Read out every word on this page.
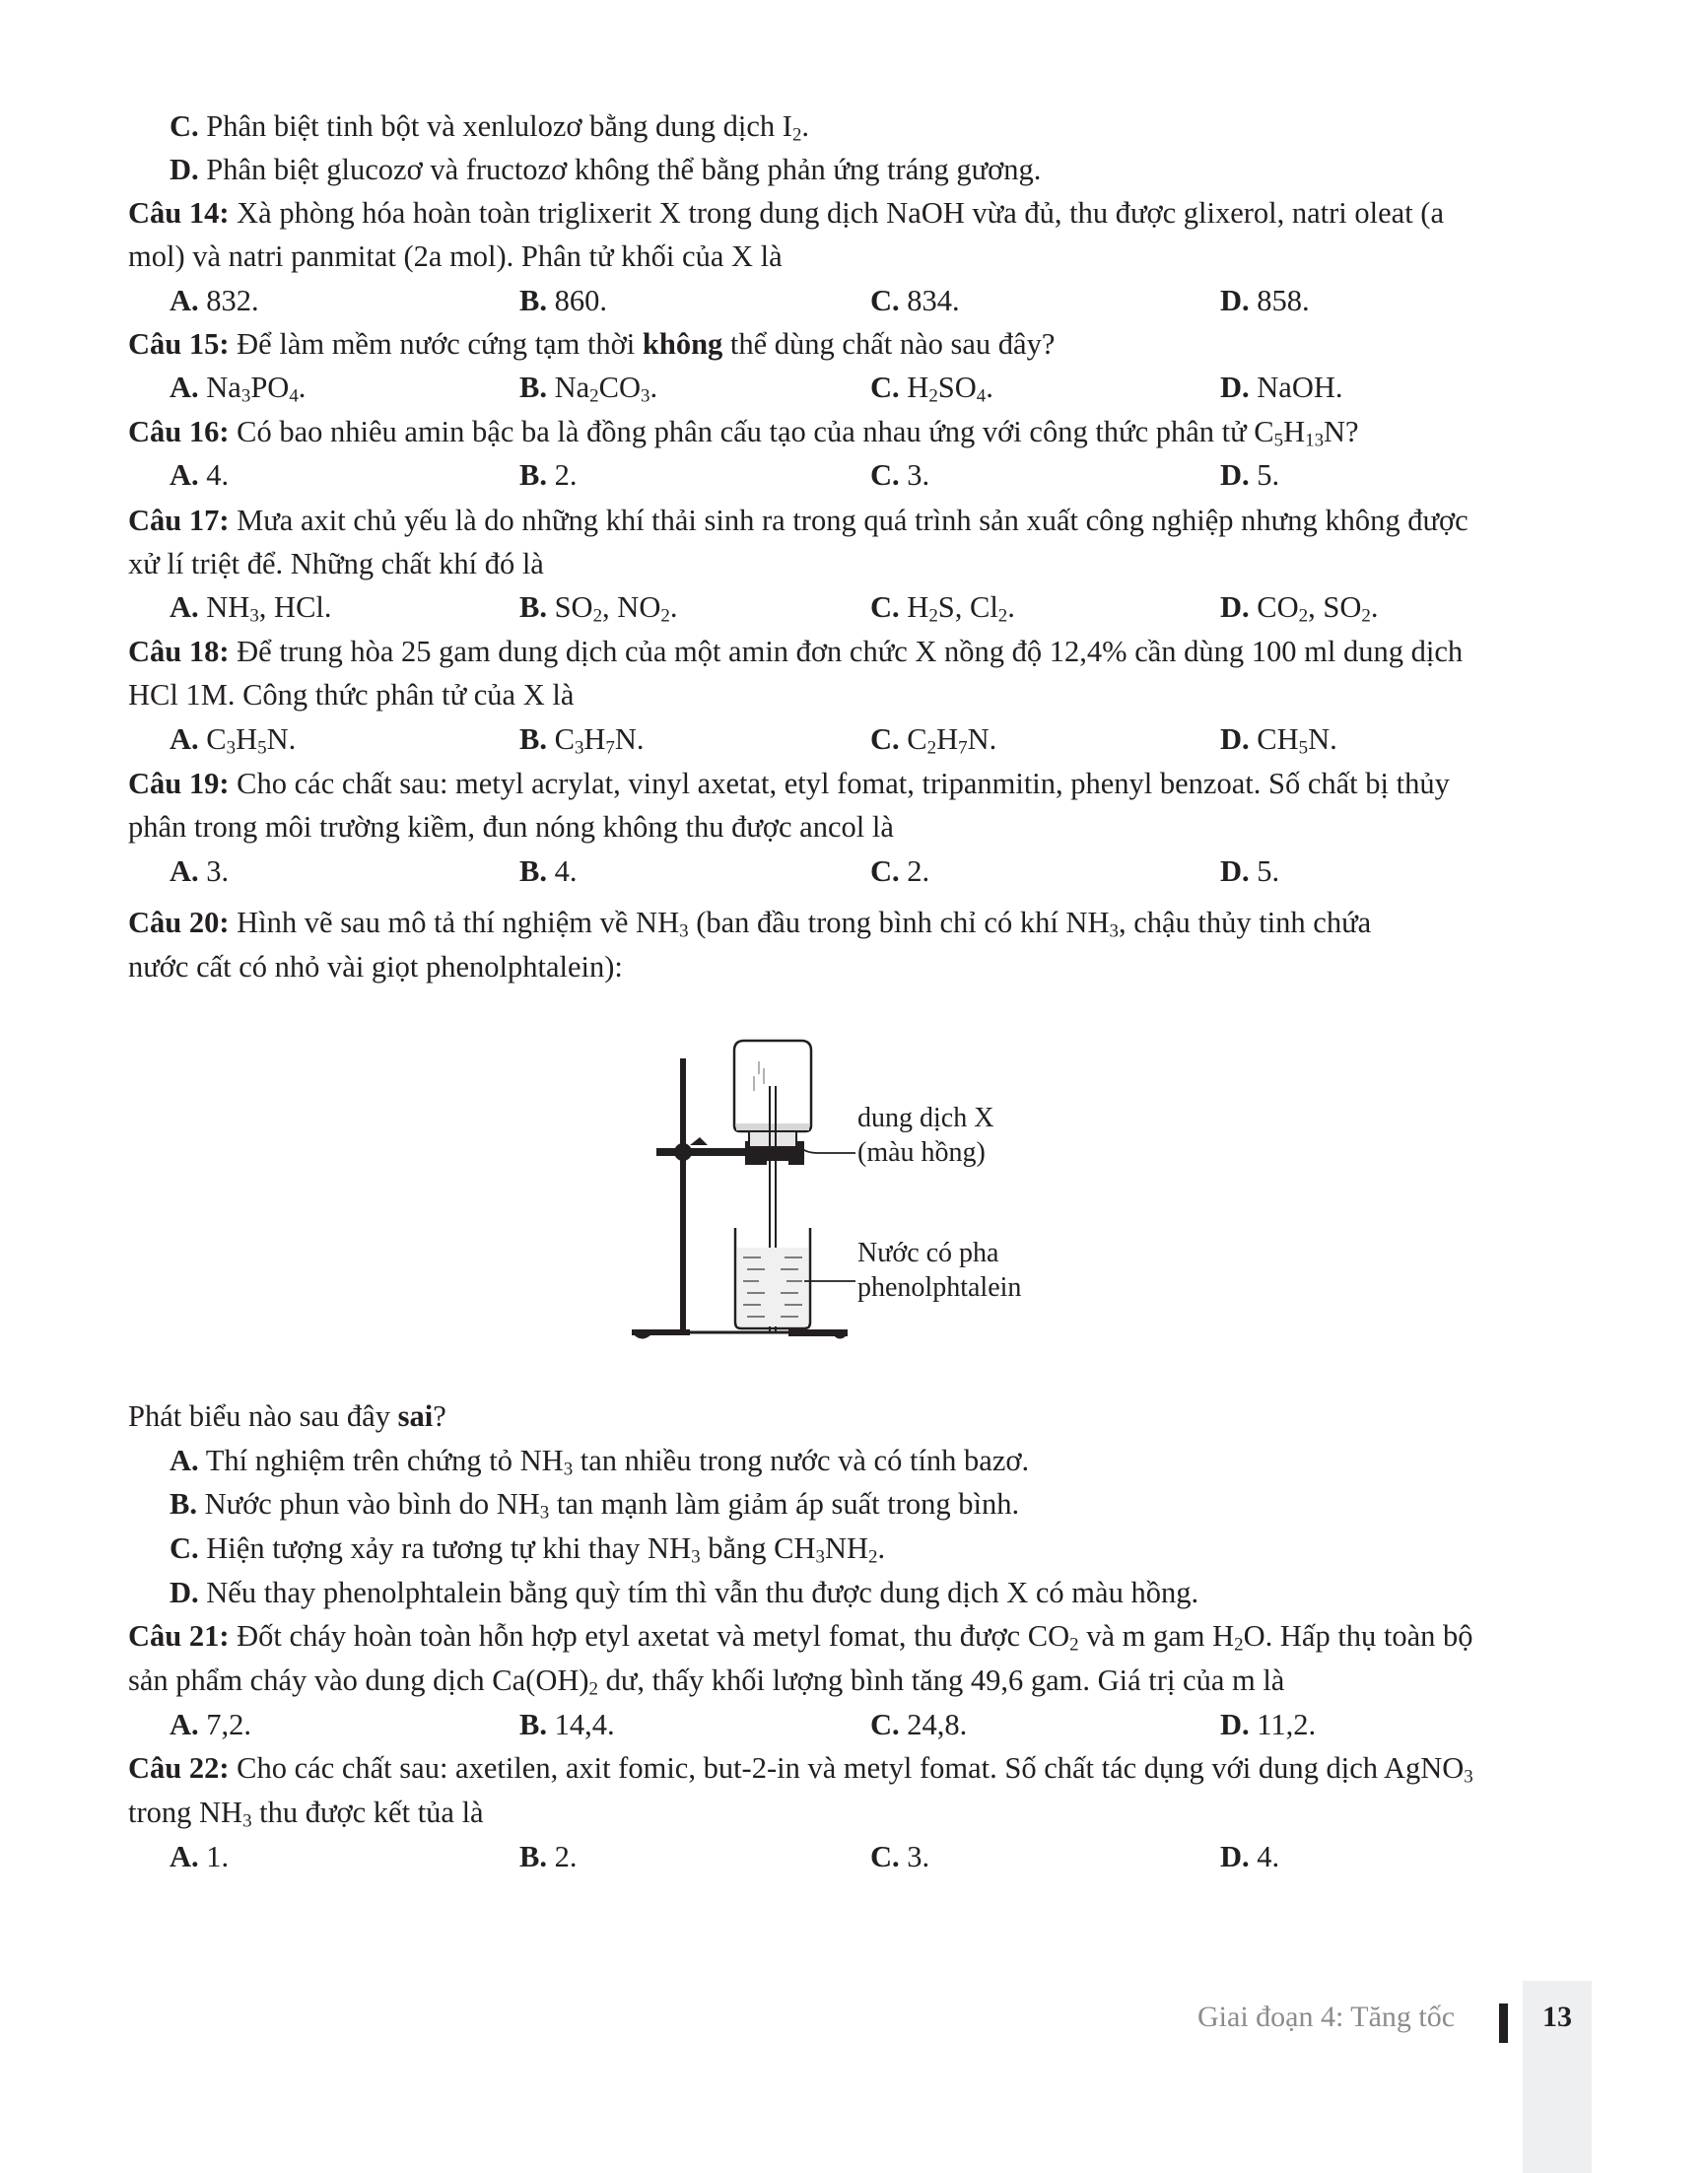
C. Phân biệt tinh bột và xenlulozơ bằng dung dịch $I_2$.
D. Phân biệt glucozơ và fructozơ không thể bằng phản ứng tráng gương.
Câu 14: Xà phòng hóa hoàn toàn triglixerit X trong dung dịch NaOH vừa đủ, thu được glixerol, natri oleat (a
mol) và natri panmitat (2a mol). Phân tử khối của X là
A. 832.	B. 860.	C. 834.	D. 858.
Câu 15: Để làm mềm nước cứng tạm thời không thể dùng chất nào sau đây?
A. $Na_3PO_4$.	B. $Na_2CO_3$.	C. $H_2SO_4$.	D. NaOH.
Câu 16: Có bao nhiêu amin bậc ba là đồng phân cấu tạo của nhau ứng với công thức phân tử $C_5H_{13}N$?
A. 4.	B. 2.	C. 3.	D. 5.
Câu 17: Mưa axit chủ yếu là do những khí thải sinh ra trong quá trình sản xuất công nghiệp nhưng không được
xử lí triệt để. Những chất khí đó là
A. $NH_3$, HCl.	B. $SO_2$, $NO_2$.	C. $H_2S$, $Cl_2$.	D. $CO_2$, $SO_2$.
Câu 18: Để trung hòa 25 gam dung dịch của một amin đơn chức X nồng độ 12,4% cần dùng 100 ml dung dịch
HCl 1M. Công thức phân tử của X là
A. $C_3H_5N$.	B. $C_3H_7N$.	C. $C_2H_7N$.	D. $CH_5N$.
Câu 19: Cho các chất sau: metyl acrylat, vinyl axetat, etyl fomat, tripanmitin, phenyl benzoat. Số chất bị thủy
phân trong môi trường kiềm, đun nóng không thu được ancol là
A. 3.	B. 4.	C. 2.	D. 5.
Câu 20: Hình vẽ sau mô tả thí nghiệm về $NH_3$ (ban đầu trong bình chỉ có khí $NH_3$, chậu thủy tinh chứa
nước cất có nhỏ vài giọt phenolphtalein):
dung dịch X
(màu hồng)
Nước có pha
phenolphtalein
Phát biểu nào sau đây sai?
A. Thí nghiệm trên chứng tỏ $NH_3$ tan nhiều trong nước và có tính bazơ.
B. Nước phun vào bình do $NH_3$ tan mạnh làm giảm áp suất trong bình.
C. Hiện tượng xảy ra tương tự khi thay $NH_3$ bằng $CH_3NH_2$.
D. Nếu thay phenolphtalein bằng quỳ tím thì vẫn thu được dung dịch X có màu hồng.
Câu 21: Đốt cháy hoàn toàn hỗn hợp etyl axetat và metyl fomat, thu được $CO_2$ và m gam $H_2O$. Hấp thụ toàn bộ
sản phẩm cháy vào dung dịch $Ca(OH)_2$ dư, thấy khối lượng bình tăng 49,6 gam. Giá trị của m là
A. 7,2.	B. 14,4.	C. 24,8.	D. 11,2.
Câu 22: Cho các chất sau: axetilen, axit fomic, but-2-in và metyl fomat. Số chất tác dụng với dung dịch AgNO$_3$
trong $NH_3$ thu được kết tủa là
A. 1.	B. 2.	C. 3.	D. 4.
Giai đoạn 4: Tăng tốc	13
